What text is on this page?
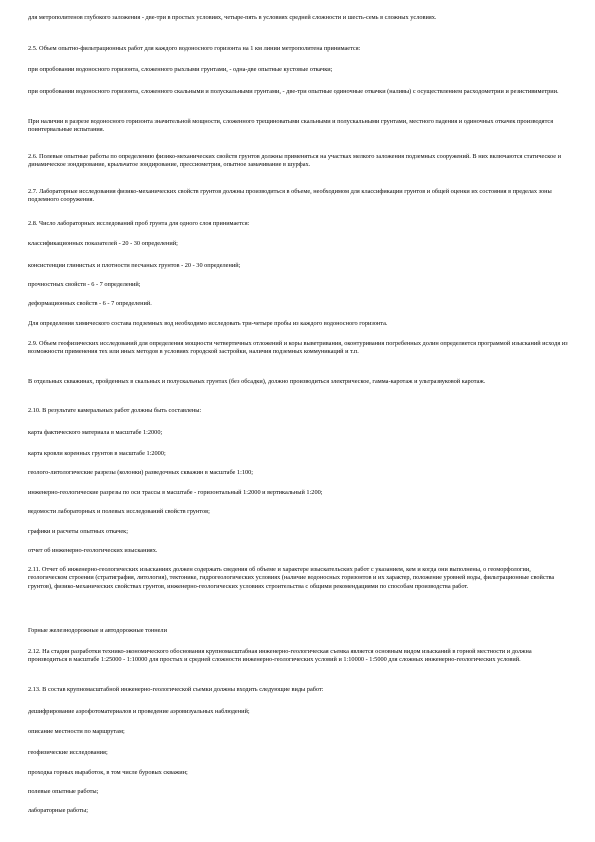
для метрополитенов глубокого заложения - две-три в простых условиях, четыре-пять в условиях средней сложности и шесть-семь в сложных условиях.

2.5. Объем опытно-фильтрационных работ для каждого водоносного горизонта на 1 км линии метрополитена принимается:

при опробовании водоносного горизонта, сложенного рыхлыми грунтами, - одна-две опытные кустовые откачки;

при опробовании водоносного горизонта, сложенного скальными и полускальными грунтами, - две-три опытные одиночные откачки (наливы) с осуществлением расходометрии и резистивиметрии.

При наличии в разрезе водоносного горизонта значительной мощности, сложенного трещиноватыми скальными и полускальными грунтами, местного падения и одиночных откачек производятся поинтервальные испытания.

2.6. Полевые опытные работы по определению физико-механических свойств грунтов должны применяться на участках мелкого заложения подземных сооружений. В них включаются статическое и динамическое зондирование, крыльчатое зондирование, прессиометрия, опытное замачивание в шурфах.

2.7. Лабораторные исследования физико-механических свойств грунтов должны производиться в объеме, необходимом для классификации грунтов и общей оценки их состояния в пределах зоны подземного сооружения.

2.8. Число лабораторных исследований проб грунта для одного слоя принимается:

классификационных показателей - 20 - 30 определений;

консистенции глинистых и плотности песчаных грунтов - 20 - 30 определений;

прочностных свойств - 6 - 7 определений;

деформационных свойств - 6 - 7 определений.

Для определения химического состава подземных вод необходимо исследовать три-четыре пробы из каждого водоносного горизонта.

2.9. Объем геофизических исследований для определения мощности четвертичных отложений и коры выветривания, оконтуривания погребенных долин определяется программой изысканий исходя из возможности применения тех или иных методов в условиях городской застройки, наличия подземных коммуникаций и т.п.

В отдельных скважинах, пройденных в скальных и полускальных грунтах (без обсадки), должно производиться электрическое, гамма-каротаж и ультразвуковой каротаж.

2.10. В результате камеральных работ должны быть составлены:

карта фактического материала в масштабе 1:2000;

карта кровли коренных грунтов в масштабе 1:2000;

геолого-литологические разрезы (колонки) разведочных скважин в масштабе 1:100;

инженерно-геологические разрезы по оси трассы в масштабе - горизонтальный 1:2000 и вертикальный 1:200;

ведомости лабораторных и полевых исследований свойств грунтов;

графики и расчеты опытных откачек;

отчет об инженерно-геологических изысканиях.

2.11. Отчет об инженерно-геологических изысканиях должен содержать сведения об объеме и характере изыскательских работ с указанием, кем и когда они выполнены, о геоморфологии, геологическом строении (стратиграфия, литология), тектонике, гидрогеологических условиях (наличие водоносных горизонтов и их характер, положение уровней воды, фильтрационные свойства грунтов), физико-механических свойствах грунтов, инженерно-геологических условиях строительства с общими рекомендациями по способам производства работ.

Горные железнодорожные и автодорожные тоннели

2.12. На стадии разработки технико-экономического обоснования крупномасштабная инженерно-геологическая съемка является основным видом изысканий в горной местности и должна производиться в масштабе 1:25000 - 1:10000 для простых и средней сложности инженерно-геологических условий и 1:10000 - 1:5000 для сложных инженерно-геологических условий.

2.13. В состав крупномасштабной инженерно-геологической съемки должны входить следующие виды работ:

дешифрирование аэрофотоматериалов и проведение аэровизуальных наблюдений;

описание местности по маршрутам;

геофизические исследования;

проходка горных выработок, в том числе буровых скважин;

полевые опытные работы;

лабораторные работы;
